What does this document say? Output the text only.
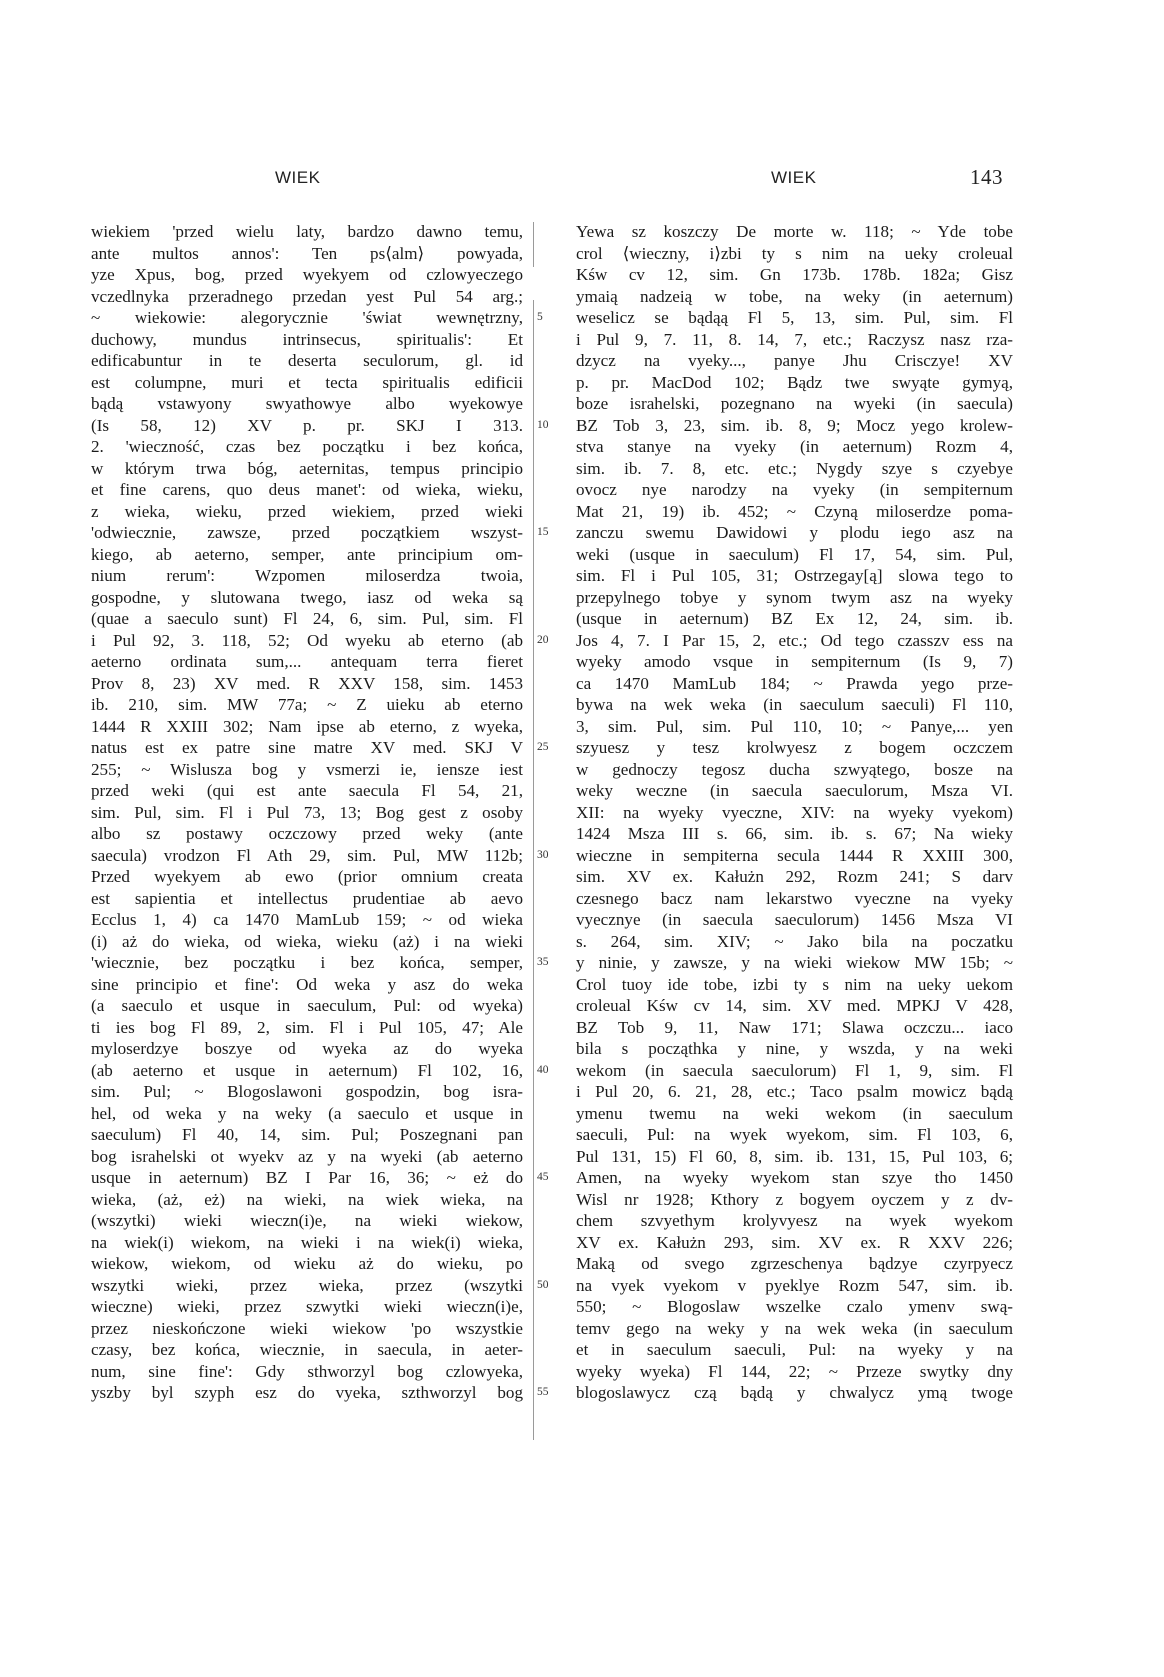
WIEK	WIEK	143
5
10
15
20
25
30
35
40
45
50
55
wiekiem 'przed wielu laty, bardzo dawno temu,
ante multos annos': Ten ps⟨alm⟩ powyada,
yze Xpus, bog, przed wyekyem od czlowyeczego
vczedlnyka przeradnego przedan yest Pul 54 arg.;
~ wiekowie: alegorycznie 'świat wewnętrzny,
duchowy, mundus intrinsecus, spiritualis': Et
edificabuntur in te deserta seculorum, gl. id
est columpne, muri et tecta spiritualis edificii
bądą vstawyony swyathowye albo wyekowye
(Is 58, 12) XV p. pr. SKJ I 313.
2. 'wieczność, czas bez początku i bez końca,
w którym trwa bóg, aeternitas, tempus principio
et fine carens, quo deus manet': od wieka, wieku,
z wieka, wieku, przed wiekiem, przed wieki
'odwiecznie, zawsze, przed początkiem wszyst-
kiego, ab aeterno, semper, ante principium om-
nium rerum': Wzpomen miloserdza twoia,
gospodne, y slutowana twego, iasz od weka są
(quae a saeculo sunt) Fl 24, 6, sim. Pul, sim. Fl
i Pul 92, 3. 118, 52; Od wyeku ab eterno (ab
aeterno ordinata sum,... antequam terra fieret
Prov 8, 23) XV med. R XXV 158, sim. 1453
ib. 210, sim. MW 77a; ~ Z uieku ab eterno
1444 R XXIII 302; Nam ipse ab eterno, z wyeka,
natus est ex patre sine matre XV med. SKJ V
255; ~ Wislusza bog y vsmerzi ie, iensze iest
przed weki (qui est ante saecula Fl 54, 21,
sim. Pul, sim. Fl i Pul 73, 13; Bog gest z osoby
albo sz postawy oczczowy przed weky (ante
saecula) vrodzon Fl Ath 29, sim. Pul, MW 112b;
Przed wyekyem ab ewo (prior omnium creata
est sapientia et intellectus prudentiae ab aevo
Ecclus 1, 4) ca 1470 MamLub 159; ~ od wieka
(i) aż do wieka, od wieka, wieku (aż) i na wieki
'wiecznie, bez początku i bez końca, semper,
sine principio et fine': Od weka y asz do weka
(a saeculo et usque in saeculum, Pul: od wyeka)
ti ies bog Fl 89, 2, sim. Fl i Pul 105, 47; Ale
myloserdzye boszye od wyeka az do wyeka
(ab aeterno et usque in aeternum) Fl 102, 16,
sim. Pul; ~ Blogoslawoni gospodzin, bog isra-
hel, od weka y na weky (a saeculo et usque in
saeculum) Fl 40, 14, sim. Pul; Poszegnani pan
bog israhelski ot wyekv az y na wyeki (ab aeterno
usque in aeternum) BZ I Par 16, 36; ~ eż do
wieka, (aż, eż) na wieki, na wiek wieka, na
(wszytki) wieki wieczn(i)e, na wieki wiekow,
na wiek(i) wiekom, na wieki i na wiek(i) wieka,
wiekow, wiekom, od wieku aż do wieku, po
wszytki wieki, przez wieka, przez (wszytki
wieczne) wieki, przez szwytki wieki wieczn(i)e,
przez nieskończone wieki wiekow 'po wszystkie
czasy, bez końca, wiecznie, in saecula, in aeter-
num, sine fine': Gdy sthworzyl bog czlowyeka,
yszby byl szyph esz do vyeka, szthworzyl bog
Yewa sz koszczy De morte w. 118; ~ Yde tobe
crol ⟨wieczny, i⟩zbi ty s nim na ueky croleual
Kśw cv 12, sim. Gn 173b. 178b. 182a; Gisz
ymaią nadzeią w tobe, na weky (in aeternum)
weselicz se bądąą Fl 5, 13, sim. Pul, sim. Fl
i Pul 9, 7. 11, 8. 14, 7, etc.; Raczysz nasz rza-
dzycz na vyeky..., panye Jhu Crisczye! XV
p. pr. MacDod 102; Bądz twe swyąte gymyą,
boze israhelski, pozegnano na wyeki (in saecula)
BZ Tob 3, 23, sim. ib. 8, 9; Mocz yego krolew-
stva stanye na vyeky (in aeternum) Rozm 4,
sim. ib. 7. 8, etc. etc.; Nygdy szye s czyebye
ovocz nye narodzy na vyeky (in sempiternum
Mat 21, 19) ib. 452; ~ Czyną miloserdze poma-
zanczu swemu Dawidowi y plodu iego asz na
weki (usque in saeculum) Fl 17, 54, sim. Pul,
sim. Fl i Pul 105, 31; Ostrzegay[ą] slowa tego to
przepylnego tobye y synom twym asz na wyeky
(usque in aeternum) BZ Ex 12, 24, sim. ib.
Jos 4, 7. I Par 15, 2, etc.; Od tego czasszv ess na
wyeky amodo vsque in sempiternum (Is 9, 7)
ca 1470 MamLub 184; ~ Prawda yego prze-
bywa na wek weka (in saeculum saeculi) Fl 110,
3, sim. Pul, sim. Pul 110, 10; ~ Panye,... yen
szyuesz y tesz krolwyesz z bogem oczczem
w gednoczy tegosz ducha szwyątego, bosze na
weky weczne (in saecula saeculorum, Msza VI.
XII: na wyeky vyeczne, XIV: na wyeky vyekom)
1424 Msza III s. 66, sim. ib. s. 67; Na wieky
wieczne in sempiterna secula 1444 R XXIII 300,
sim. XV ex. Kałużn 292, Rozm 241; S darv
czesnego bacz nam lekarstwo vyeczne na vyeky
vyecznye (in saecula saeculorum) 1456 Msza VI
s. 264, sim. XIV; ~ Jako bila na poczatku
y ninie, y zawsze, y na wieki wiekow MW 15b; ~
Crol tuoy ide tobe, izbi ty s nim na ueky uekom
croleual Kśw cv 14, sim. XV med. MPKJ V 428,
BZ Tob 9, 11, Naw 171; Slawa oczczu... iaco
bila s począthka y nine, y wszda, y na weki
wekom (in saecula saeculorum) Fl 1, 9, sim. Fl
i Pul 20, 6. 21, 28, etc.; Taco psalm mowicz bądą
ymenu twemu na weki wekom (in saeculum
saeculi, Pul: na wyek wyekom, sim. Fl 103, 6,
Pul 131, 15) Fl 60, 8, sim. ib. 131, 15, Pul 103, 6;
Amen, na wyeky wyekom stan szye tho 1450
Wisl nr 1928; Kthory z bogyem oyczem y z dv-
chem szvyethym krolyvyesz na wyek wyekom
XV ex. Kałużn 293, sim. XV ex. R XXV 226;
Maką od svego zgrzeschenya bądzye czyrpyecz
na vyek vyekom v pyeklye Rozm 547, sim. ib.
550; ~ Blogoslaw wszelke czalo ymenv swą-
temv gego na weky y na wek weka (in saeculum
et in saeculum saeculi, Pul: na wyeky y na
wyeky wyeka) Fl 144, 22; ~ Przeze swytky dny
blogoslawycz czą bądą y chwalycz ymą twoge
